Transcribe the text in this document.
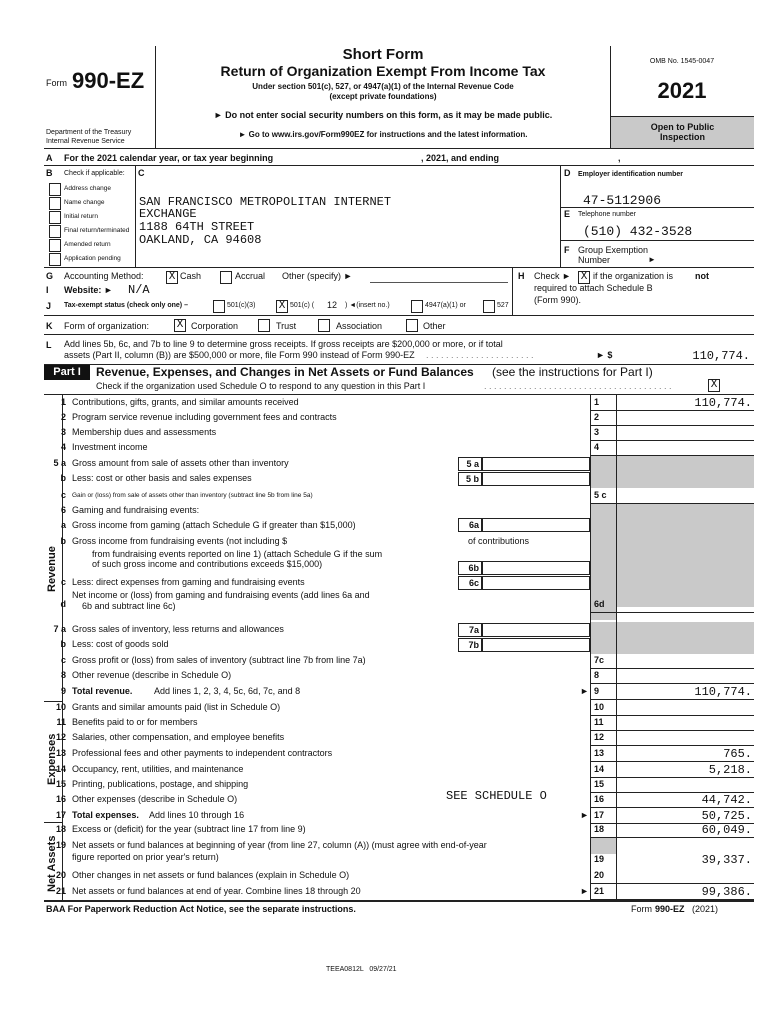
Form 990-EZ
Department of the Treasury
Internal Revenue Service
Short Form
Return of Organization Exempt From Income Tax
Under section 501(c), 527, or 4947(a)(1) of the Internal Revenue Code
(except private foundations)
► Do not enter social security numbers on this form, as it may be made public.
► Go to www.irs.gov/Form990EZ for instructions and the latest information.
OMB No. 1545-0047
2021
Open to Public
Inspection
A For the 2021 calendar year, or tax year beginning	, 2021, and ending	,
B Check if applicable:
Address change
Name change
Initial return
Final return/terminated
Amended return
Application pending
C
SAN FRANCISCO METROPOLITAN INTERNET
EXCHANGE
1188 64TH STREET
OAKLAND, CA 94608
D Employer identification number
47-5112906
E Telephone number
(510) 432-3528
F Group Exemption
Number	►
G Accounting Method: X Cash	Accrual Other (specify) ►	H Check ► X if the organization is not
required to attach Schedule B
(Form 990).
I Website: ► N/A
J Tax-exempt status (check only one) –	501(c)(3) X 501(c) ( 12 ) ◄(insert no.)	4947(a)(1) or	527
K Form of organization:	X Corporation	Trust	Association	Other
L Add lines 5b, 6c, and 7b to line 9 to determine gross receipts. If gross receipts are $200,000 or more, or if total
assets (Part II, column (B)) are $500,000 or more, file Form 990 instead of Form 990-EZ . . . . . . . . . . . . . . . . . . . . . .	► $	110,774.
Part I	Revenue, Expenses, and Changes in Net Assets or Fund Balances (see the instructions for Part I)
Check if the organization used Schedule O to respond to any question in this Part I	. . . . . . . . . . . . . . . . . . . . . . . . . . . . . . . . . . . . . .	X
Revenue
Expenses
Net Assets
1 Contributions, gifts, grants, and similar amounts received	1	110,774.
2 Program service revenue including government fees and contracts	2
3 Membership dues and assessments	3
4 Investment income	4
5 a Gross amount from sale of assets other than inventory
b Less: cost or other basis and sales expenses
c Gain or (loss) from sale of assets other than inventory (subtract line 5b from line 5a)	5 c
6 Gaming and fundraising events:
a Gross income from gaming (attach Schedule G if greater than $15,000)
b Gross income from fundraising events (not including $	of contributions
from fundraising events reported on line 1) (attach Schedule G if the sum
of such gross income and contributions exceeds $15,000)
c Less: direct expenses from gaming and fundraising events
d
Net income or (loss) from gaming and fundraising events (add lines 6a and
6b and subtract line 6c)	6d
7 a Gross sales of inventory, less returns and allowances
b Less: cost of goods sold
c Gross profit or (loss) from sales of inventory (subtract line 7b from line 7a)	7c
8 Other revenue (describe in Schedule O)	8
9 Total revenue. Add lines 1, 2, 3, 4, 5c, 6d, 7c, and 8	► 9	110,774.
10 Grants and similar amounts paid (list in Schedule O)	10
11 Benefits paid to or for members	11
12 Salaries, other compensation, and employee benefits	12
13 Professional fees and other payments to independent contractors	13	765.
14 Occupancy, rent, utilities, and maintenance	14	5,218.
15 Printing, publications, postage, and shipping	15
16 Other expenses (describe in Schedule O)	SEE SCHEDULE O	16	44,742.
17 Total expenses. Add lines 10 through 16	► 17	50,725.
18 Excess or (deficit) for the year (subtract line 17 from line 9)	18	60,049.
19 Net assets or fund balances at beginning of year (from line 27, column (A)) (must agree with end-of-year
figure reported on prior year's return)	19	39,337.
20 Other changes in net assets or fund balances (explain in Schedule O)	20
21 Net assets or fund balances at end of year. Combine lines 18 through 20	► 21	99,386.
5 a
5 b
6a
6b
6c
7a
7b
BAA For Paperwork Reduction Act Notice, see the separate instructions.	Form 990-EZ (2021)
TEEA0812L   09/27/21
